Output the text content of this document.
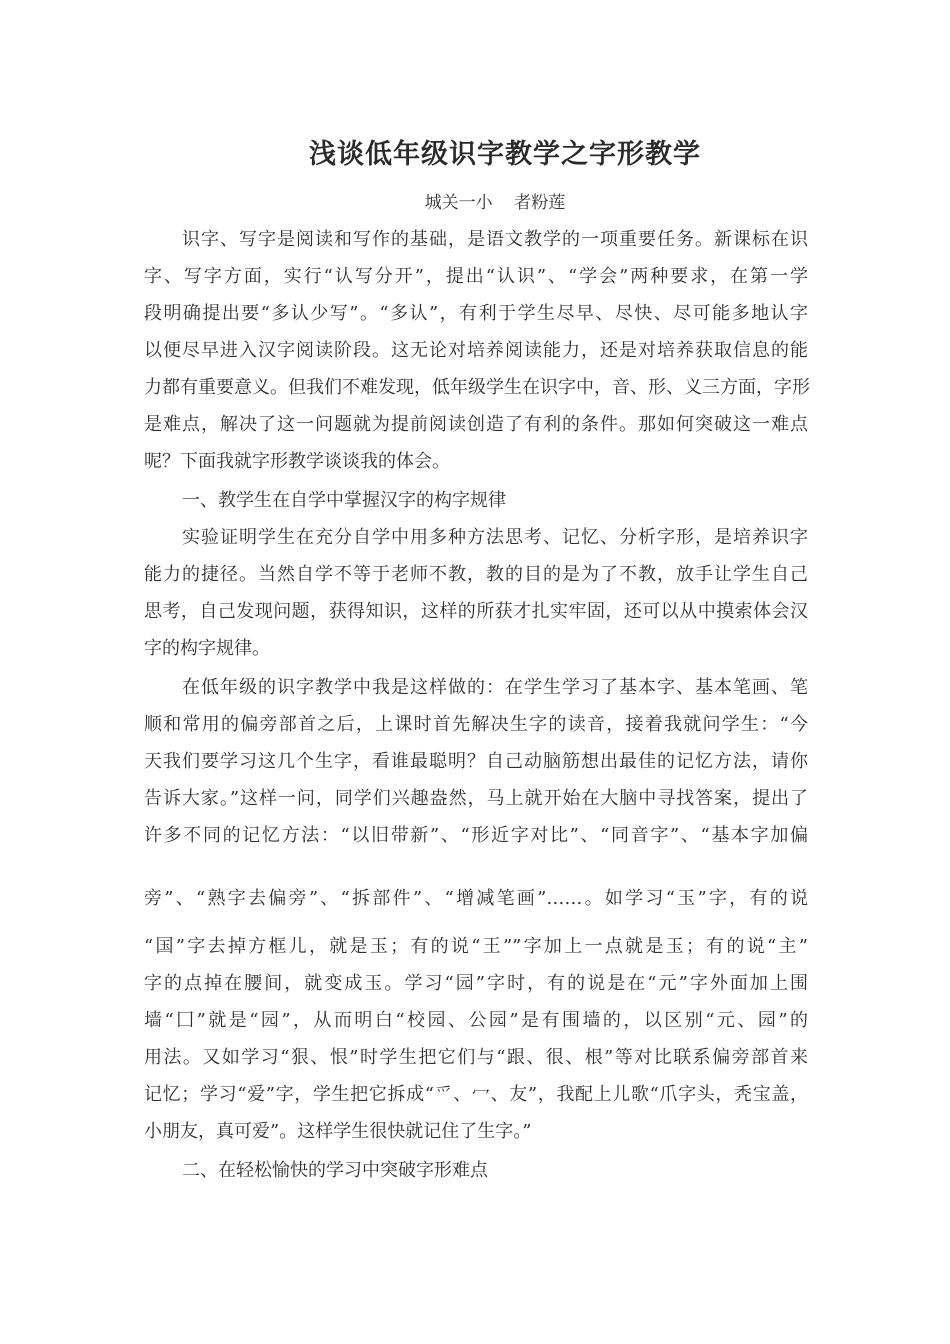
浅谈低年级识字教学之字形教学
城关一小    者粉莲
识字、写字是阅读和写作的基础，是语文教学的一项重要任务。新课标在识
字、写字方面，实行“认写分开”，提出“认识”、“学会”两种要求，在第一学
段明确提出要“多认少写”。“多认”，有利于学生尽早、尽快、尽可能多地认字
以便尽早进入汉字阅读阶段。这无论对培养阅读能力，还是对培养获取信息的能
力都有重要意义。但我们不难发现，低年级学生在识字中，音、形、义三方面，字形
是难点，解决了这一问题就为提前阅读创造了有利的条件。那如何突破这一难点
呢？下面我就字形教学谈谈我的体会。
一、教学生在自学中掌握汉字的构字规律
实验证明学生在充分自学中用多种方法思考、记忆、分析字形，是培养识字
能力的捷径。当然自学不等于老师不教，教的目的是为了不教，放手让学生自己
思考，自己发现问题，获得知识，这样的所获才扎实牢固，还可以从中摸索体会汉
字的构字规律。
在低年级的识字教学中我是这样做的：在学生学习了基本字、基本笔画、笔
顺和常用的偏旁部首之后，上课时首先解决生字的读音，接着我就问学生：“今
天我们要学习这几个生字，看谁最聪明？自己动脑筋想出最佳的记忆方法，请你
告诉大家。”这样一问，同学们兴趣盎然，马上就开始在大脑中寻找答案，提出了
许多不同的记忆方法：“以旧带新”、“形近字对比”、“同音字”、“基本字加偏
旁”、“熟字去偏旁”、“拆部件”、“增减笔画”……。如学习“玉”字，有的说
“国”字去掉方框儿，就是玉；有的说“王””字加上一点就是玉；有的说“主”
字的点掉在腰间，就变成玉。学习“园”字时，有的说是在“元”字外面加上围
墙“囗”就是“园”，从而明白“校园、公园”是有围墙的，以区别“元、园”的
用法。又如学习“狠、恨”时学生把它们与“跟、很、根”等对比联系偏旁部首来
记忆；学习“爱”字，学生把它拆成“爫、冖、友”，我配上儿歌“爪字头，秃宝盖，
小朋友，真可爱”。这样学生很快就记住了生字。”
二、在轻松愉快的学习中突破字形难点
